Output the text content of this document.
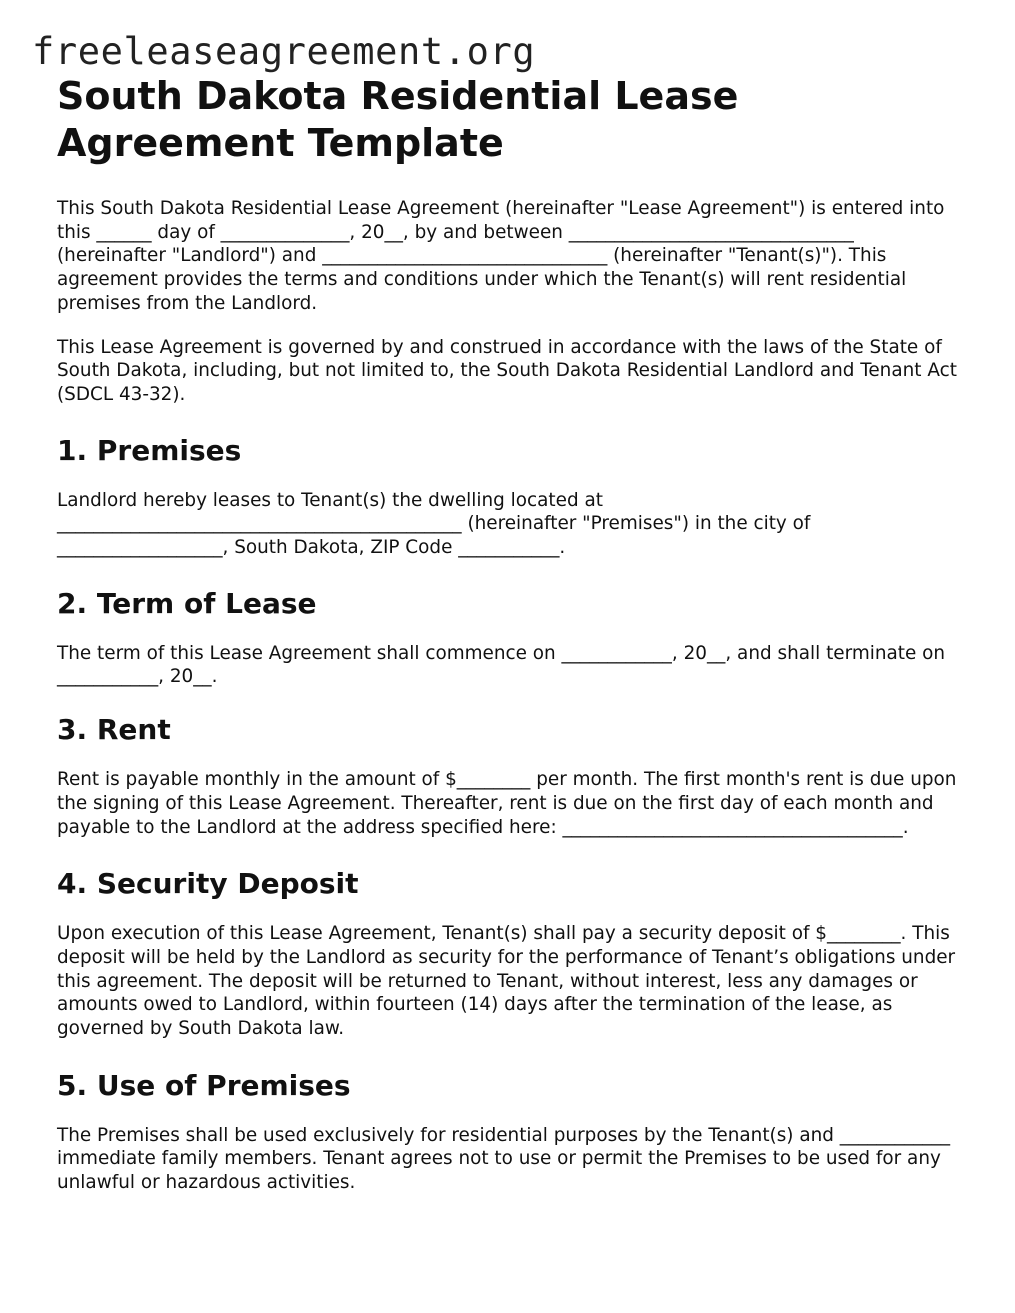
freeleaseagreement.org
South Dakota Residential Lease Agreement Template

This South Dakota Residential Lease Agreement (hereinafter "Lease Agreement") is entered into this ______ day of ______________, 20__, by and between _______________________________ (hereinafter "Landlord") and _______________________________ (hereinafter "Tenant(s)"). This agreement provides the terms and conditions under which the Tenant(s) will rent residential premises from the Landlord.

This Lease Agreement is governed by and construed in accordance with the laws of the State of South Dakota, including, but not limited to, the South Dakota Residential Landlord and Tenant Act (SDCL 43-32).

1. Premises

Landlord hereby leases to Tenant(s) the dwelling located at ____________________________________________ (hereinafter "Premises") in the city of __________________, South Dakota, ZIP Code ___________.

2. Term of Lease

The term of this Lease Agreement shall commence on ____________, 20__, and shall terminate on ___________, 20__.

3. Rent

Rent is payable monthly in the amount of $________ per month. The first month's rent is due upon the signing of this Lease Agreement. Thereafter, rent is due on the first day of each month and payable to the Landlord at the address specified here: _____________________________________.

4. Security Deposit

Upon execution of this Lease Agreement, Tenant(s) shall pay a security deposit of $________. This deposit will be held by the Landlord as security for the performance of Tenant’s obligations under this agreement. The deposit will be returned to Tenant, without interest, less any damages or amounts owed to Landlord, within fourteen (14) days after the termination of the lease, as governed by South Dakota law.

5. Use of Premises

The Premises shall be used exclusively for residential purposes by the Tenant(s) and ____________ immediate family members. Tenant agrees not to use or permit the Premises to be used for any unlawful or hazardous activities.
